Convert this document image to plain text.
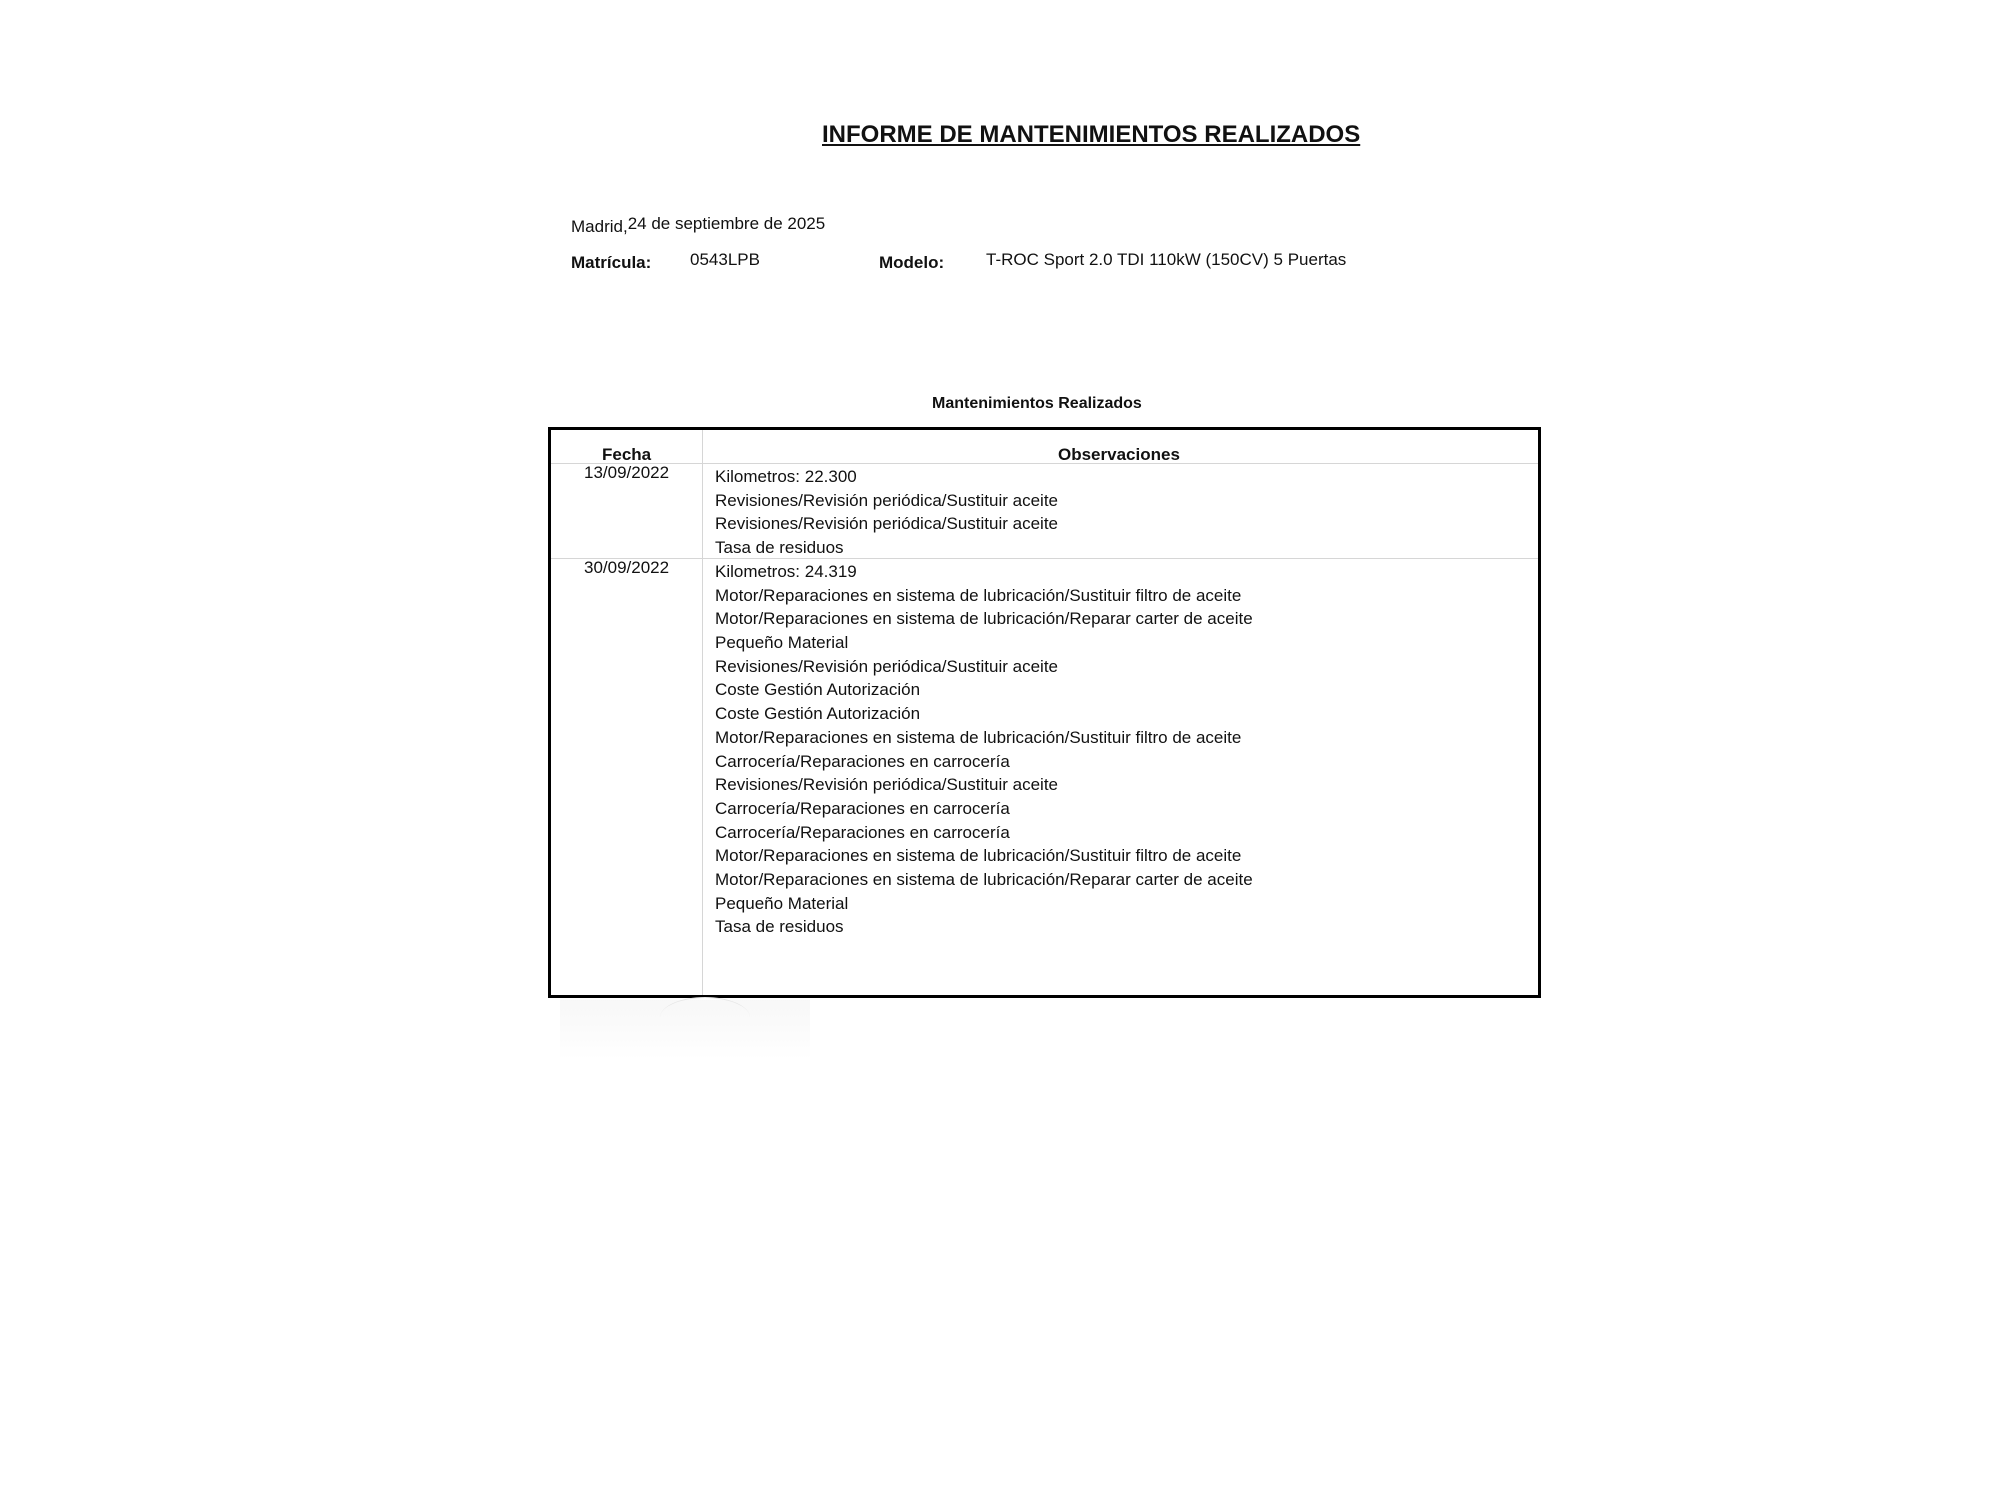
INFORME DE MANTENIMIENTOS REALIZADOS
Madrid,24 de septiembre de 2025
Matrícula: 0543LPB	Modelo: T-ROC Sport 2.0 TDI 110kW (150CV) 5 Puertas
Mantenimientos Realizados
Fecha	Observaciones
13/09/2022	Kilometros: 22.300
Revisiones/Revisión periódica/Sustituir aceite
Revisiones/Revisión periódica/Sustituir aceite
Tasa de residuos
30/09/2022	Kilometros: 24.319
Motor/Reparaciones en sistema de lubricación/Sustituir filtro de aceite
Motor/Reparaciones en sistema de lubricación/Reparar carter de aceite
Pequeño Material
Revisiones/Revisión periódica/Sustituir aceite
Coste Gestión Autorización
Coste Gestión Autorización
Motor/Reparaciones en sistema de lubricación/Sustituir filtro de aceite
Carrocería/Reparaciones en carrocería
Revisiones/Revisión periódica/Sustituir aceite
Carrocería/Reparaciones en carrocería
Carrocería/Reparaciones en carrocería
Motor/Reparaciones en sistema de lubricación/Sustituir filtro de aceite
Motor/Reparaciones en sistema de lubricación/Reparar carter de aceite
Pequeño Material
Tasa de residuos
